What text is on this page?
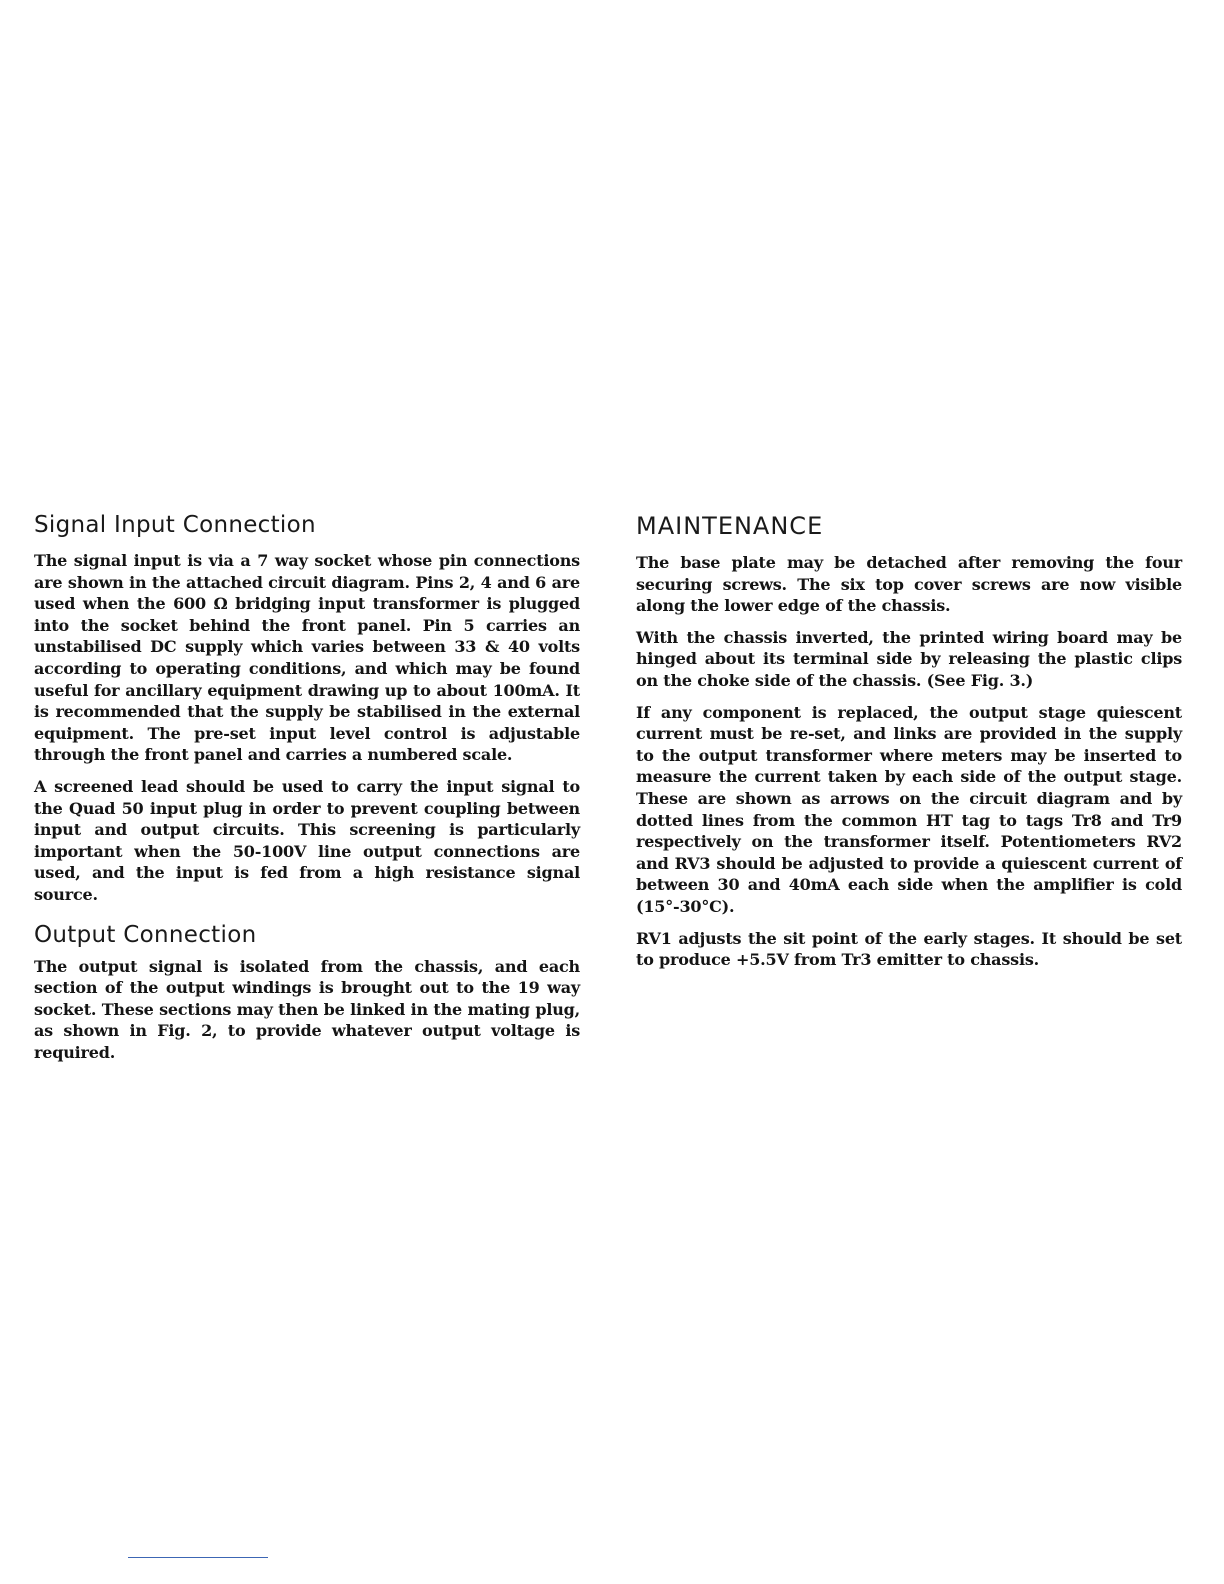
Signal Input Connection

The signal input is via a 7 way socket whose pin connections are shown in the attached circuit diagram. Pins 2, 4 and 6 are used when the 600 Ω bridging input transformer is plugged into the socket behind the front panel. Pin 5 carries an unstabilised DC supply which varies between 33 & 40 volts according to operating conditions, and which may be found useful for ancillary equipment drawing up to about 100mA. It is recommended that the supply be stabilised in the external equipment. The pre-set input level control is adjustable through the front panel and carries a numbered scale.

A screened lead should be used to carry the input signal to the Quad 50 input plug in order to prevent coupling between input and output circuits. This screening is particularly important when the 50-100V line output connections are used, and the input is fed from a high resistance signal source.

Output Connection

The output signal is isolated from the chassis, and each section of the output windings is brought out to the 19 way socket. These sections may then be linked in the mating plug, as shown in Fig. 2, to provide whatever output voltage is required.

MAINTENANCE

The base plate may be detached after removing the four securing screws. The six top cover screws are now visible along the lower edge of the chassis.

With the chassis inverted, the printed wiring board may be hinged about its terminal side by releasing the plastic clips on the choke side of the chassis. (See Fig. 3.)

If any component is replaced, the output stage quiescent current must be re-set, and links are provided in the supply to the output transformer where meters may be inserted to measure the current taken by each side of the output stage. These are shown as arrows on the circuit diagram and by dotted lines from the common HT tag to tags Tr8 and Tr9 respectively on the transformer itself. Potentiometers RV2 and RV3 should be adjusted to provide a quiescent current of between 30 and 40mA each side when the amplifier is cold (15°-30°C).

RV1 adjusts the sit point of the early stages. It should be set to produce +5.5V from Tr3 emitter to chassis.
